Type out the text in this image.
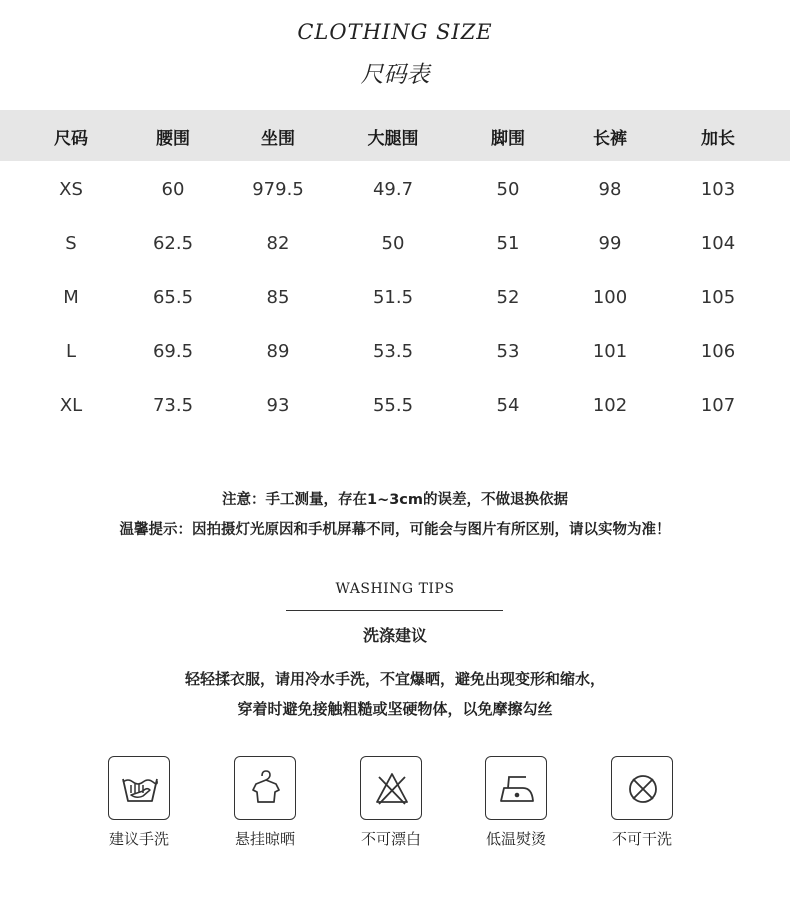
CLOTHING SIZE
尺码表
尺码	腰围	坐围	大腿围	脚围	长裤	加长
XS	60	979.5	49.7	50	98	103
S	62.5	82	50	51	99	104
M	65.5	85	51.5	52	100	105
L	69.5	89	53.5	53	101	106
XL	73.5	93	55.5	54	102	107
注意：手工测量，存在1~3cm的误差，不做退换依据
温馨提示：因拍摄灯光原因和手机屏幕不同，可能会与图片有所区别，请以实物为准！
WASHING TIPS
洗涤建议
轻轻揉衣服，请用冷水手洗，不宜爆晒，避免出现变形和缩水，
穿着时避免接触粗糙或坚硬物体，以免摩擦勾丝
建议手洗	悬挂晾晒	不可漂白	低温熨烫	不可干洗
